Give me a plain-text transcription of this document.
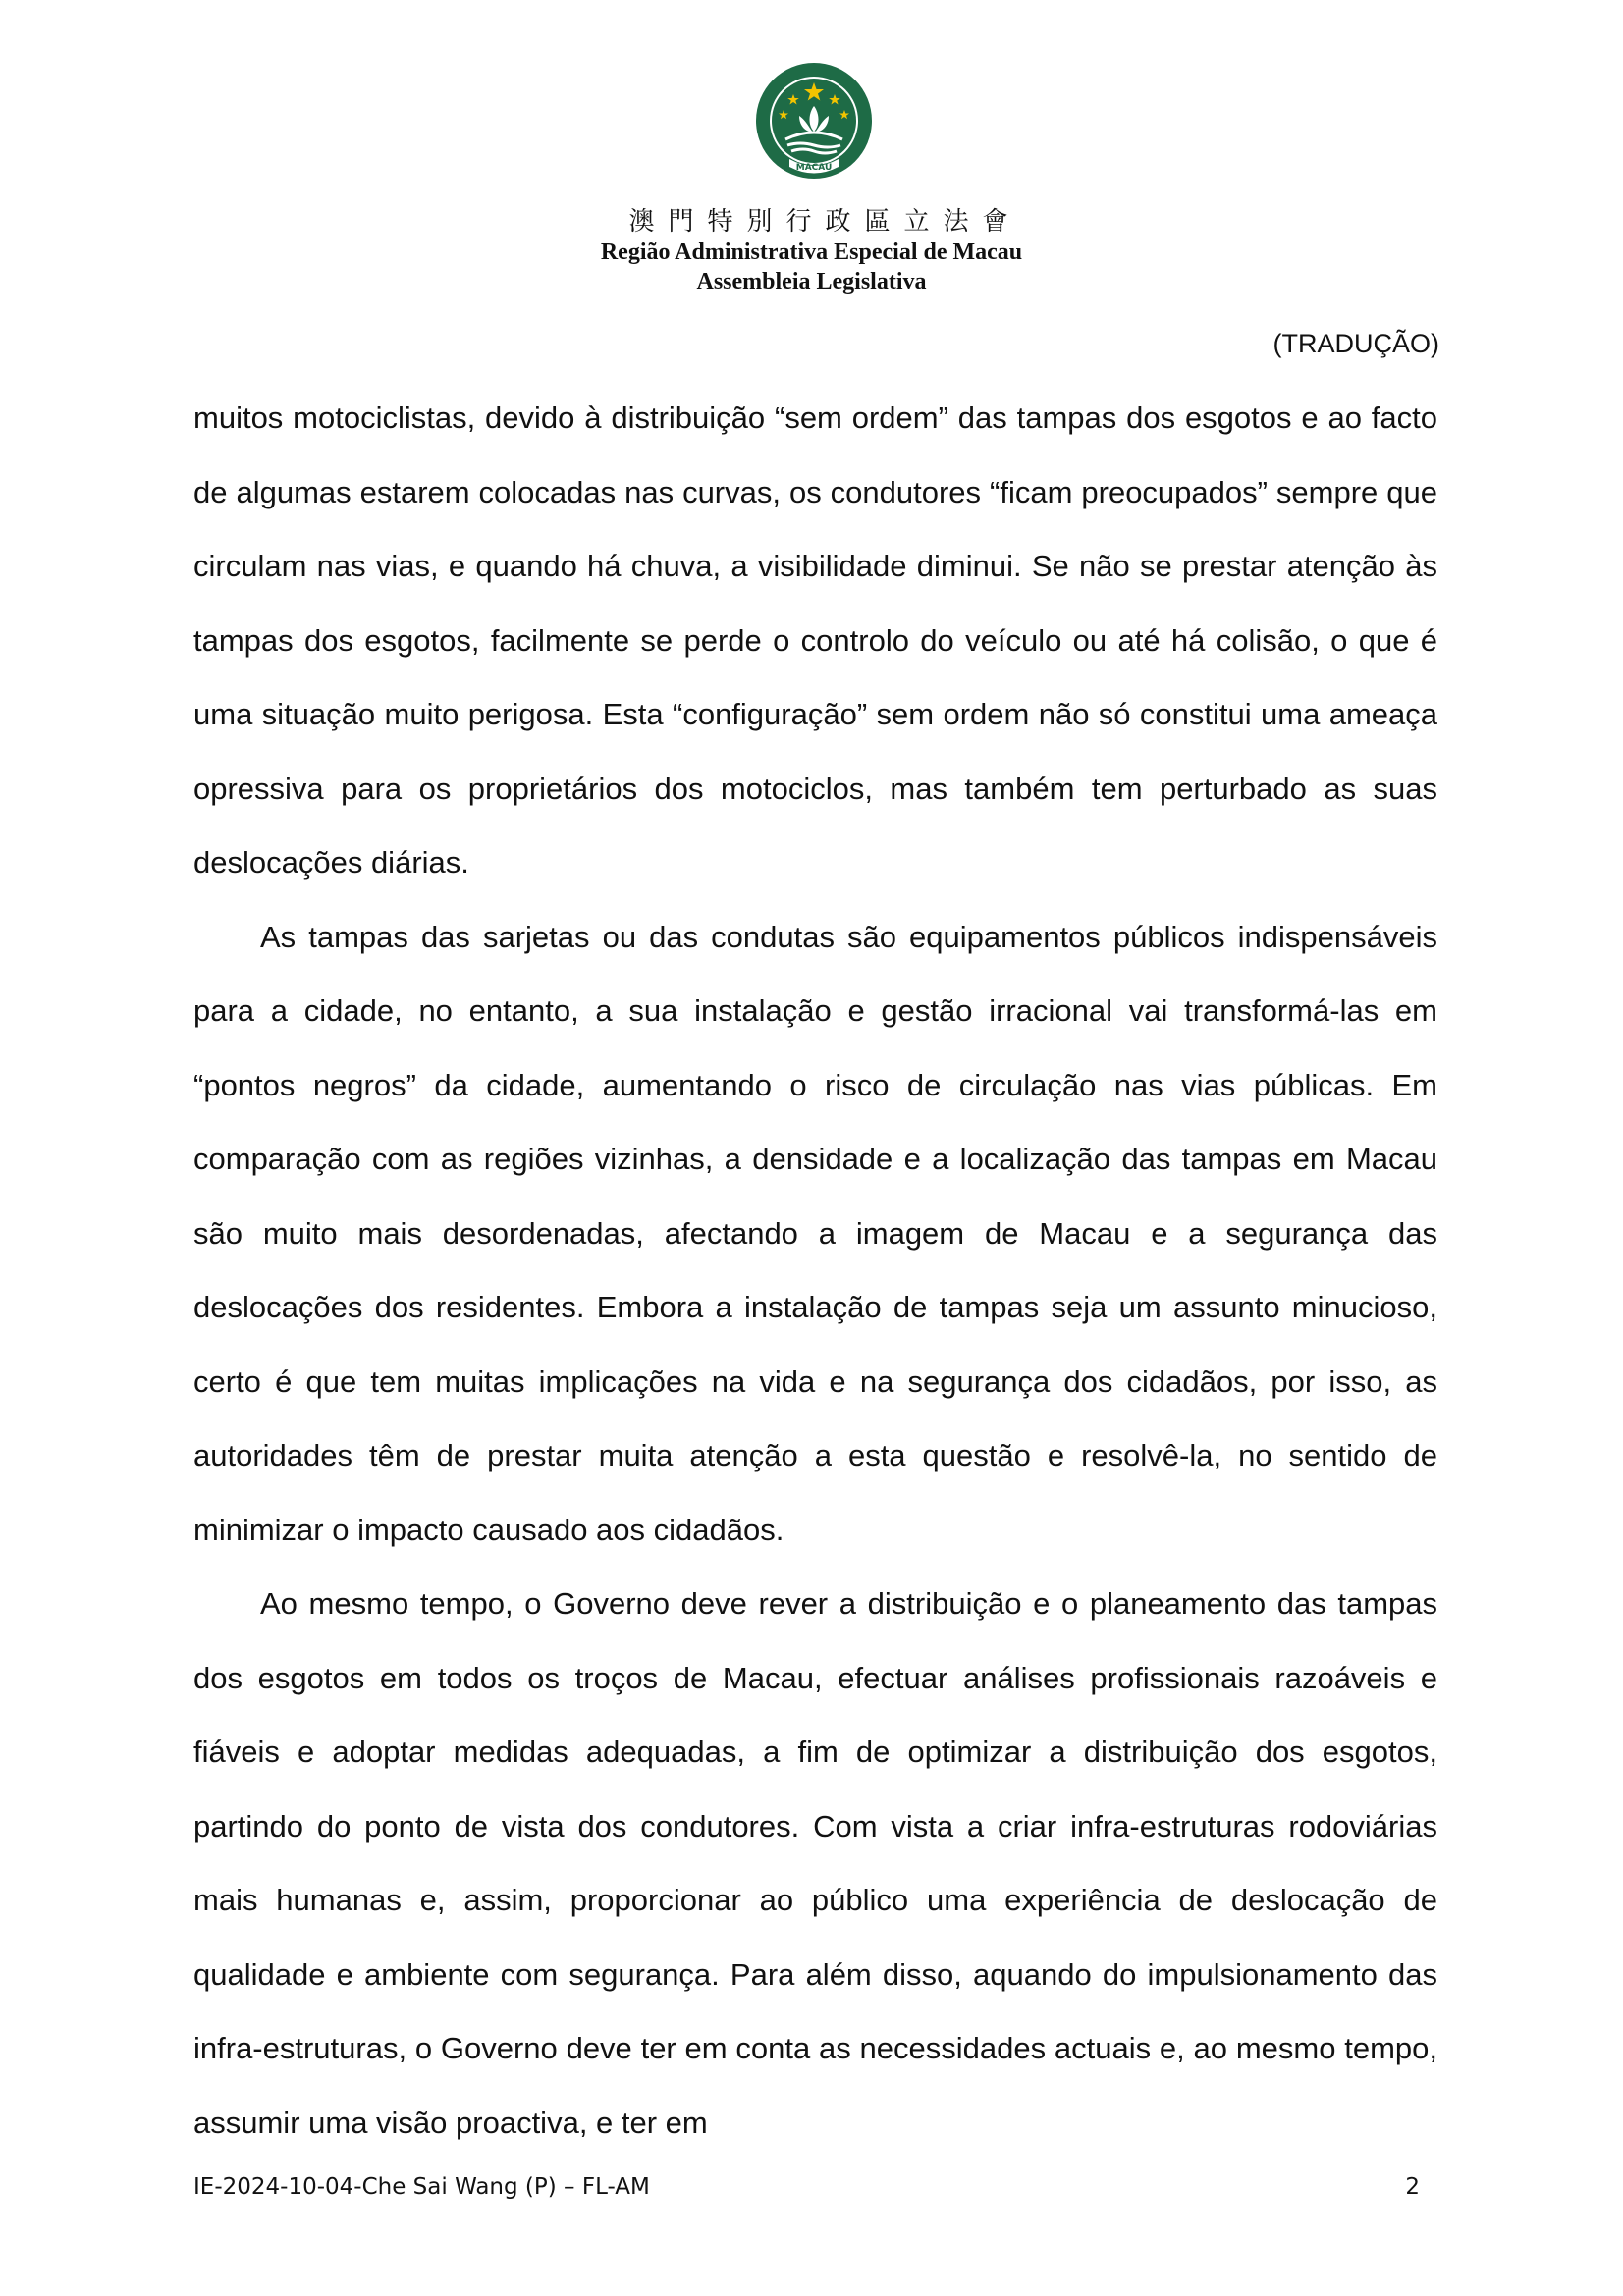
MACAU
澳門特別行政區立法會
Região Administrativa Especial de Macau
Assembleia Legislativa
(TRADUÇÃO)

muitos motociclistas, devido à distribuição “sem ordem” das tampas dos esgotos e ao facto de algumas estarem colocadas nas curvas, os condutores “ficam preocupados” sempre que circulam nas vias, e quando há chuva, a visibilidade diminui. Se não se prestar atenção às tampas dos esgotos, facilmente se perde o controlo do veículo ou até há colisão, o que é uma situação muito perigosa. Esta “configuração” sem ordem não só constitui uma ameaça opressiva para os proprietários dos motociclos, mas também tem perturbado as suas deslocações diárias.

As tampas das sarjetas ou das condutas são equipamentos públicos indispensáveis para a cidade, no entanto, a sua instalação e gestão irracional vai transformá-las em “pontos negros” da cidade, aumentando o risco de circulação nas vias públicas. Em comparação com as regiões vizinhas, a densidade e a localização das tampas em Macau são muito mais desordenadas, afectando a imagem de Macau e a segurança das deslocações dos residentes. Embora a instalação de tampas seja um assunto minucioso, certo é que tem muitas implicações na vida e na segurança dos cidadãos, por isso, as autoridades têm de prestar muita atenção a esta questão e resolvê-la, no sentido de minimizar o impacto causado aos cidadãos.

Ao mesmo tempo, o Governo deve rever a distribuição e o planeamento das tampas dos esgotos em todos os troços de Macau, efectuar análises profissionais razoáveis e fiáveis e adoptar medidas adequadas, a fim de optimizar a distribuição dos esgotos, partindo do ponto de vista dos condutores. Com vista a criar infra-estruturas rodoviárias mais humanas e, assim, proporcionar ao público uma experiência de deslocação de qualidade e ambiente com segurança. Para além disso, aquando do impulsionamento das infra-estruturas, o Governo deve ter em conta as necessidades actuais e, ao mesmo tempo, assumir uma visão proactiva, e ter em

IE-2024-10-04-Che Sai Wang (P) – FL-AM	2
